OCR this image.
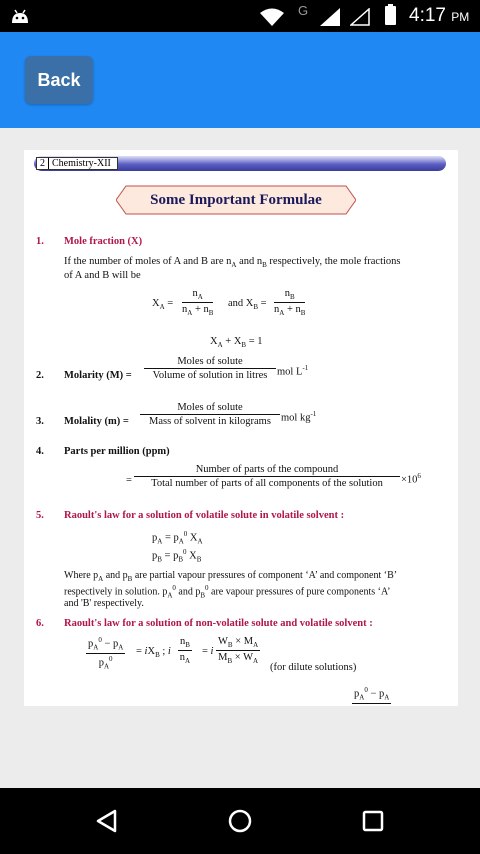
G	4:17 PM
Back
2 Chemistry-XII
Some Important Formulae
1. Mole fraction (X)
If the number of moles of A and B are $n_A$ and $n_B$ respectively, the mole fractions
of A and B will be
$X_A = \frac{n_A}{n_A + n_B}$ and $X_B = \frac{n_B}{n_A + n_B}$
$X_A + X_B = 1$
2. Molarity (M) =
Moles of solute
Volume of solution in litres mol $L^{-1}$
3. Molality (m) =
Moles of solute
Mass of solvent in kilograms mol $kg^{-1}$
4. Parts per million (ppm)
=
Number of parts of the compound
Total number of parts of all components of the solution	$\times 10^6$
5. Raoult's law for a solution of volatile solute in volatile solvent :
$p_A = p_A^0$ $X_A$
$p_B = p_B^0$ $X_B$
Where $p_A$ and $p_B$ are partial vapour pressures of component ‘A’ and component ‘B’
respectively in solution. $p_A^0$ and $p_B^0$ are vapour pressures of pure components ‘A’
and 'B' respectively.
6. Raoult's law for a solution of non-volatile solute and volatile solvent :
$\frac{p_A^0 - p_A}{p_A^0} = iX_B$ ; i $\frac{n_B}{n_A} = i \frac{W_B \times M_A}{M_B \times W_A}$
(for dilute solutions)
$p_A^0 - p_A$
